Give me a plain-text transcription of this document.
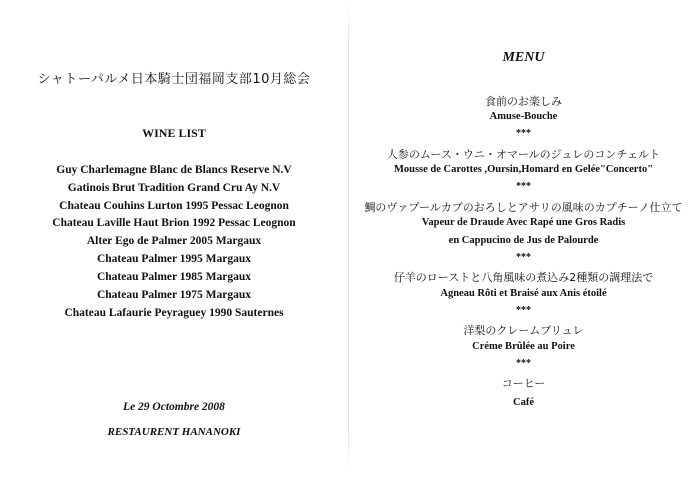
シャトーパルメ日本騎士団福岡支部10月総会
WINE LIST
Guy Charlemagne Blanc de Blancs Reserve N.V
Gatinois Brut Tradition Grand Cru Ay N.V
Chateau Couhins Lurton 1995 Pessac Leognon
Chateau Laville Haut Brion 1992 Pessac Leognon
Alter Ego de Palmer 2005 Margaux
Chateau Palmer 1995 Margaux
Chateau Palmer 1985 Margaux
Chateau Palmer 1975 Margaux
Chateau Lafaurie Peyraguey 1990 Sauternes
Le 29 Octombre 2008
RESTAURENT HANANOKI
MENU
食前のお楽しみ
Amuse-Bouche
***
人参のムース・ウニ・オマールのジュレのコンチェルト
Mousse de Carottes ,Oursin,Homard en Gelée"Concerto"
***
鯛のヴァプールカブのおろしとアサリの風味のカプチーノ仕立て
Vapeur de Draude Avec Rapé une Gros Radis
en Cappucino de Jus de Palourde
***
仔羊のローストと八角風味の煮込み2種類の調理法で
Agneau Rôti et Braisé aux Anis étoilé
***
洋梨のクレームブリュレ
Créme Brûlée au Poire
***
コーヒー
Café
